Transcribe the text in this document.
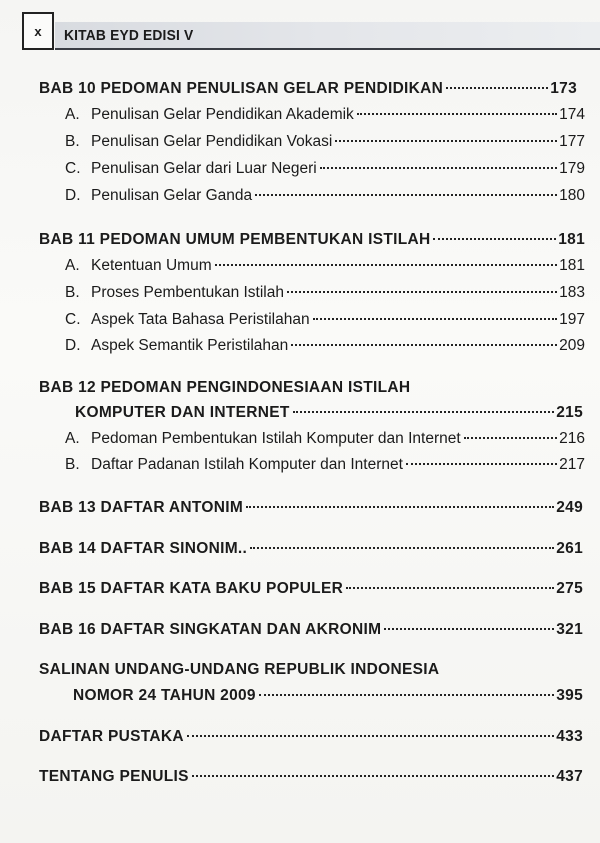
x KITAB EYD EDISI V
BAB 10 PEDOMAN PENULISAN GELAR PENDIDIKAN	173
A. Penulisan Gelar Pendidikan Akademik	174
B. Penulisan Gelar Pendidikan Vokasi	177
C. Penulisan Gelar dari Luar Negeri	179
D. Penulisan Gelar Ganda	180
BAB 11 PEDOMAN UMUM PEMBENTUKAN ISTILAH	181
A. Ketentuan Umum	181
B. Proses Pembentukan Istilah	183
C. Aspek Tata Bahasa Peristilahan	197
D. Aspek Semantik Peristilahan	209
BAB 12 PEDOMAN PENGINDONESIAAN ISTILAH
KOMPUTER DAN INTERNET	215
A. Pedoman Pembentukan Istilah Komputer dan Internet	216
B. Daftar Padanan Istilah Komputer dan Internet	217
BAB 13 DAFTAR ANTONIM	249
BAB 14 DAFTAR SINONIM..	261
BAB 15 DAFTAR KATA BAKU POPULER	275
BAB 16 DAFTAR SINGKATAN DAN AKRONIM	321
SALINAN UNDANG-UNDANG REPUBLIK INDONESIA
NOMOR 24 TAHUN 2009	395
DAFTAR PUSTAKA	433
TENTANG PENULIS	437
